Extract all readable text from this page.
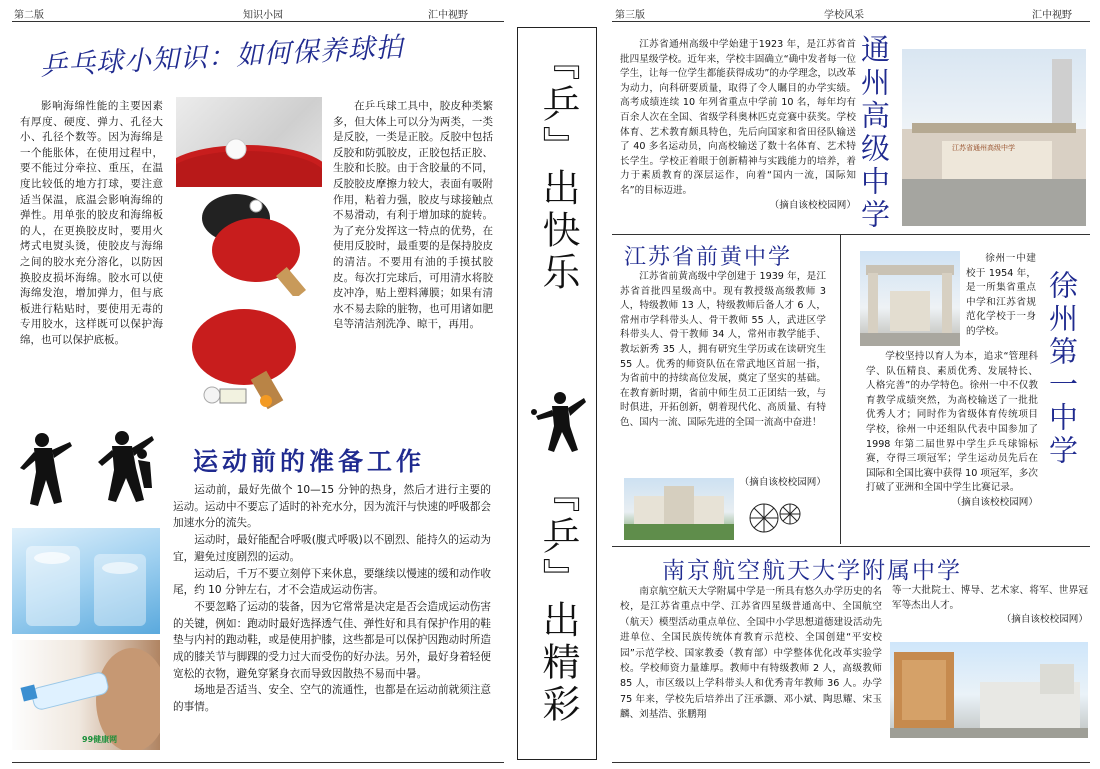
第二版	知识小园	汇中视野
乒乓球小知识：如何保养球拍

影响海绵性能的主要因素有厚度、硬度、弹力、孔径大小、孔径个数等。因为海绵是一个能胀体，在使用过程中，要不能过分牵拉、重压，在温度比较低的地方打球，要注意适当保温，底温会影响海绵的弹性。用单张的胶皮和海绵板的人，在更换胶皮时，要用火烤式电熨头烫，使胶皮与海绵之间的胶水充分溶化，以防因换胶皮损坏海绵。胶水可以使海绵发泡，增加弹力，但与底板进行粘贴时，要使用无毒的专用胶水，这样既可以保护海绵，也可以保护底板。

在乒乓球工具中，胶皮种类繁多，但大体上可以分为两类，一类是反胶，一类是正胶。反胶中包括反胶和防弧胶皮，正胶包括正胶、生胶和长胶。由于含胶量的不同，反胶胶皮摩擦力较大，表面有吸附作用，粘着力强，胶皮与球接触点不易滑动，有利于增加球的旋转。为了充分发挥这一特点的优势，在使用反胶时，最重要的是保持胶皮的清洁。不要用有油的手摸拭胶皮。每次打完球后，可用清水将胶皮冲净，贴上塑料薄膜；如果有清水不易去除的脏物，也可用诸如肥皂等清洁剂洗净、晾干，再用。

运动前的准备工作
99健康网

运动前，最好先做个 10—15 分钟的热身，然后才进行主要的运动。运动中不要忘了适时的补充水分，因为流汗与快速的呼吸都会加速水分的流失。

运动时，最好能配合呼吸(腹式呼吸)以不剧烈、能持久的运动为宜，避免过度剧烈的运动。

运动后，千万不要立刻停下来休息，要继续以慢速的缓和动作收尾，约 10 分钟左右，才不会造成运动伤害。

不要忽略了运动的装备，因为它常常是决定是否会造成运动伤害的关键，例如：跑动时最好选择透气佳、弹性好和具有保护作用的鞋垫与内衬的跑动鞋，或是使用护膝，这些都是可以保护因跑动时所造成的膝关节与脚踝的受力过大而受伤的好办法。另外，最好身着轻便宽松的衣物，避免穿紧身衣而导致因散热不易而中暑。

场地是否适当、安全、空气的流通性，也都是在运动前就须注意的事情。

『乒』出快乐
『乒』出精彩
第三版	学校风采	汇中视野

江苏省通州高级中学始建于1923 年，是江苏省首批四星级学校。近年来，学校丰固确立“确中发者每一位学生，让每一位学生都能获得成功”的办学理念，以改革为动力，向科研要质量，取得了令人瞩目的办学实绩。高考成绩连续 10 年列省重点中学前 10 名，每年均有百余人次在全国、省级学科奥林匹克竞赛中获奖。学校体育、艺术教育颇具特色，先后向国家和省田径队输送了 40 多名运动员，向高校输送了数十名体育、艺术特长学生。学校正着眼于创新精神与实践能力的培养，着力于素质教育的深层运作，向着“国内一流，国际知名”的目标迈进。

（摘自该校校园网） 通州高级中学	江苏省通州高级中学
江苏省前黄中学

江苏省前黄高级中学创建于 1939 年，是江苏省首批四星级高中。现有教授级高级教师 3 人，特级教师 13 人，特级教师后备人才 6 人，常州市学科带头人、骨干教师 55 人，武进区学科带头人、骨干教师 34 人，常州市教学能手、教坛新秀 35 人，拥有研究生学历或在读研究生 55 人。优秀的师资队伍在常武地区首屈一指，为省前中的持续高位发展，奠定了坚实的基础。在教育新时期，省前中师生员工正团结一致，与时俱进，开拓创新，朝着现代化、高质量、有特色、国内一流、国际先进的全国一流高中奋进！

（摘自该校校园网）

徐州一中建校于 1954 年，是一所集省重点中学和江苏省规范化学校于一身的学校。	徐州第一中学

学校坚持以育人为本，追求“管理科学、队伍精良、素质优秀、发展特长、人格完善”的办学特色。徐州一中不仅教育教学成绩突然，为高校输送了一批批优秀人才；同时作为省级体育传统项目学校，徐州一中还组队代表中国参加了 1998 年第二届世界中学生乒乓球锦标赛，夺得三项冠军；学生运动员先后在国际和全国比赛中获得 10 项冠军，多次打破了亚洲和全国中学生比赛记录。

（摘自该校校园网）
南京航空航天大学附属中学

南京航空航天大学附属中学是一所具有悠久办学历史的名校，是江苏省重点中学、江苏省四星级普通高中、全国航空（航天）模型活动重点单位、全国中小学思想道德建设活动先进单位、全国民族传统体育教育示范校、全国创建“平安校园”示范学校、国家教委（教育部）中学整体优化改革实验学校。学校师资力量雄厚。教师中有特级教师 2 人，高级教师 85 人，市区级以上学科带头人和优秀青年教师 36 人。办学 75 年来，学校先后培养出了汪承灏、邓小斌、陶思耀、宋玉麟、刘基浩、张鹏翔

等一大批院士、博导、艺术家、将军、世界冠军等杰出人才。

（摘自该校校园网）
